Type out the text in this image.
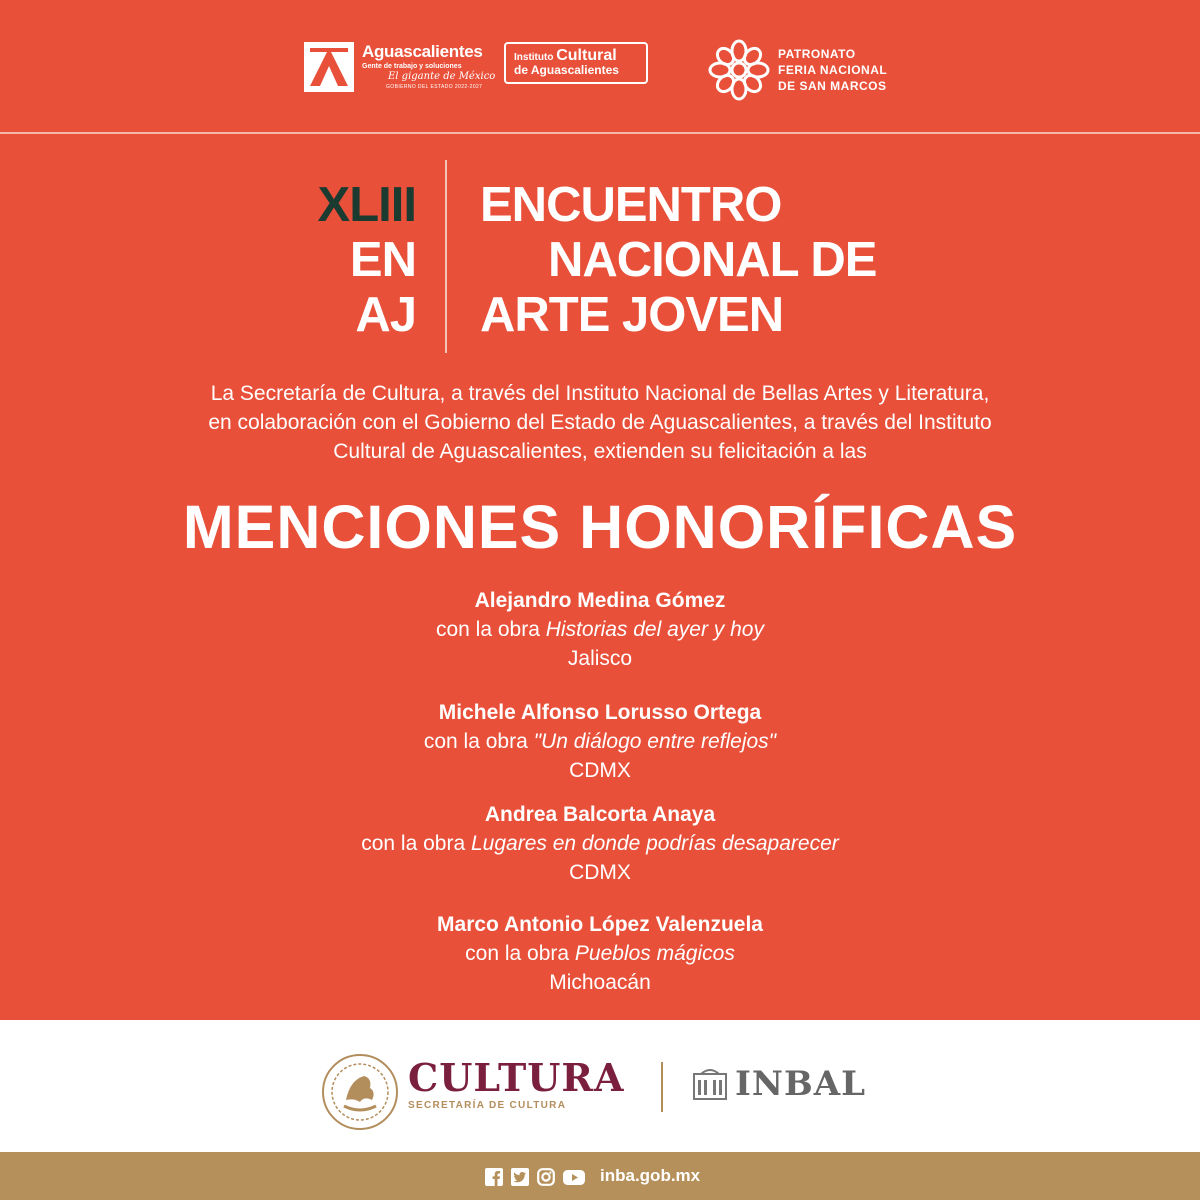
Aguascalientes
Gente de trabajo y soluciones
El gigante de México
GOBIERNO DEL ESTADO 2022-2027
Instituto Cultural
de Aguascalientes
PATRONATO
FERIA NACIONAL
DE SAN MARCOS
XLIII
EN
AJ
ENCUENTRO
NACIONAL DE
ARTE JOVEN
La Secretaría de Cultura, a través del Instituto Nacional de Bellas Artes y Literatura,
en colaboración con el Gobierno del Estado de Aguascalientes, a través del Instituto
Cultural de Aguascalientes, extienden su felicitación a las
MENCIONES HONORÍFICAS
Alejandro Medina Gómez
con la obra Historias del ayer y hoy
Jalisco
Michele Alfonso Lorusso Ortega
con la obra "Un diálogo entre reflejos"
CDMX
Andrea Balcorta Anaya
con la obra Lugares en donde podrías desaparecer
CDMX
Marco Antonio López Valenzuela
con la obra Pueblos mágicos
Michoacán
CULTURA
SECRETARÍA DE CULTURA
INBAL
inba.gob.mx
